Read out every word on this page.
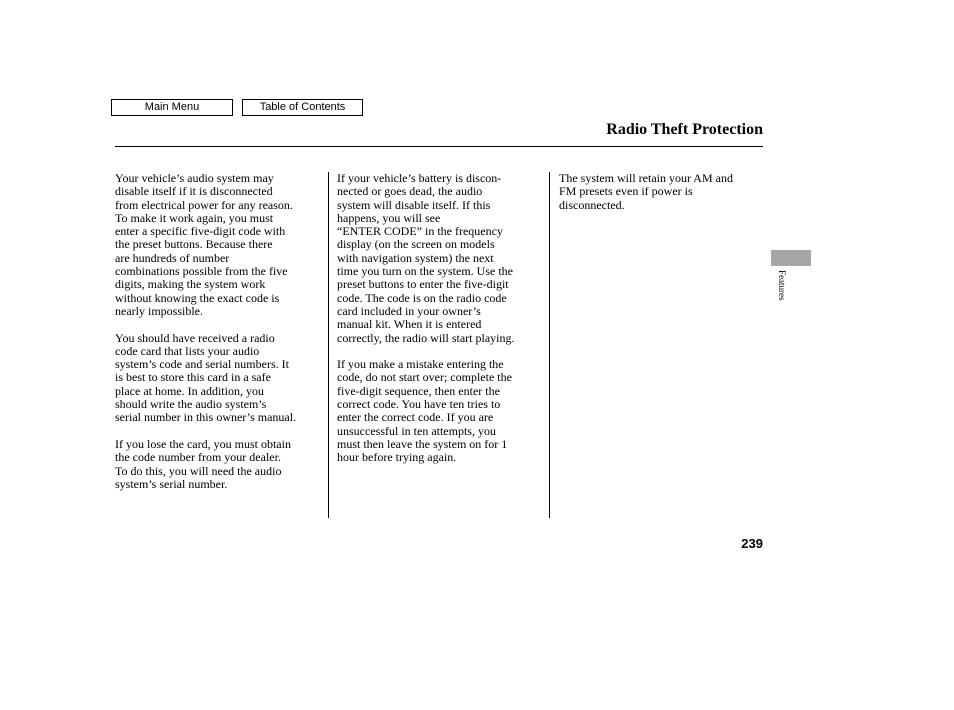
Main Menu	Table of Contents
Radio Theft Protection

Your vehicle’s audio system may
disable itself if it is disconnected
from electrical power for any reason.
To make it work again, you must
enter a specific five-digit code with
the preset buttons. Because there
are hundreds of number
combinations possible from the five
digits, making the system work
without knowing the exact code is
nearly impossible.

You should have received a radio
code card that lists your audio
system’s code and serial numbers. It
is best to store this card in a safe
place at home. In addition, you
should write the audio system’s
serial number in this owner’s manual.

If you lose the card, you must obtain
the code number from your dealer.
To do this, you will need the audio
system’s serial number.

If your vehicle’s battery is discon-
nected or goes dead, the audio
system will disable itself. If this
happens, you will see
“ENTER CODE” in the frequency
display (on the screen on models
with navigation system) the next
time you turn on the system. Use the
preset buttons to enter the five-digit
code. The code is on the radio code
card included in your owner’s
manual kit. When it is entered
correctly, the radio will start playing.

If you make a mistake entering the
code, do not start over; complete the
five-digit sequence, then enter the
correct code. You have ten tries to
enter the correct code. If you are
unsuccessful in ten attempts, you
must then leave the system on for 1
hour before trying again.

The system will retain your AM and
FM presets even if power is
disconnected.

Features
239
